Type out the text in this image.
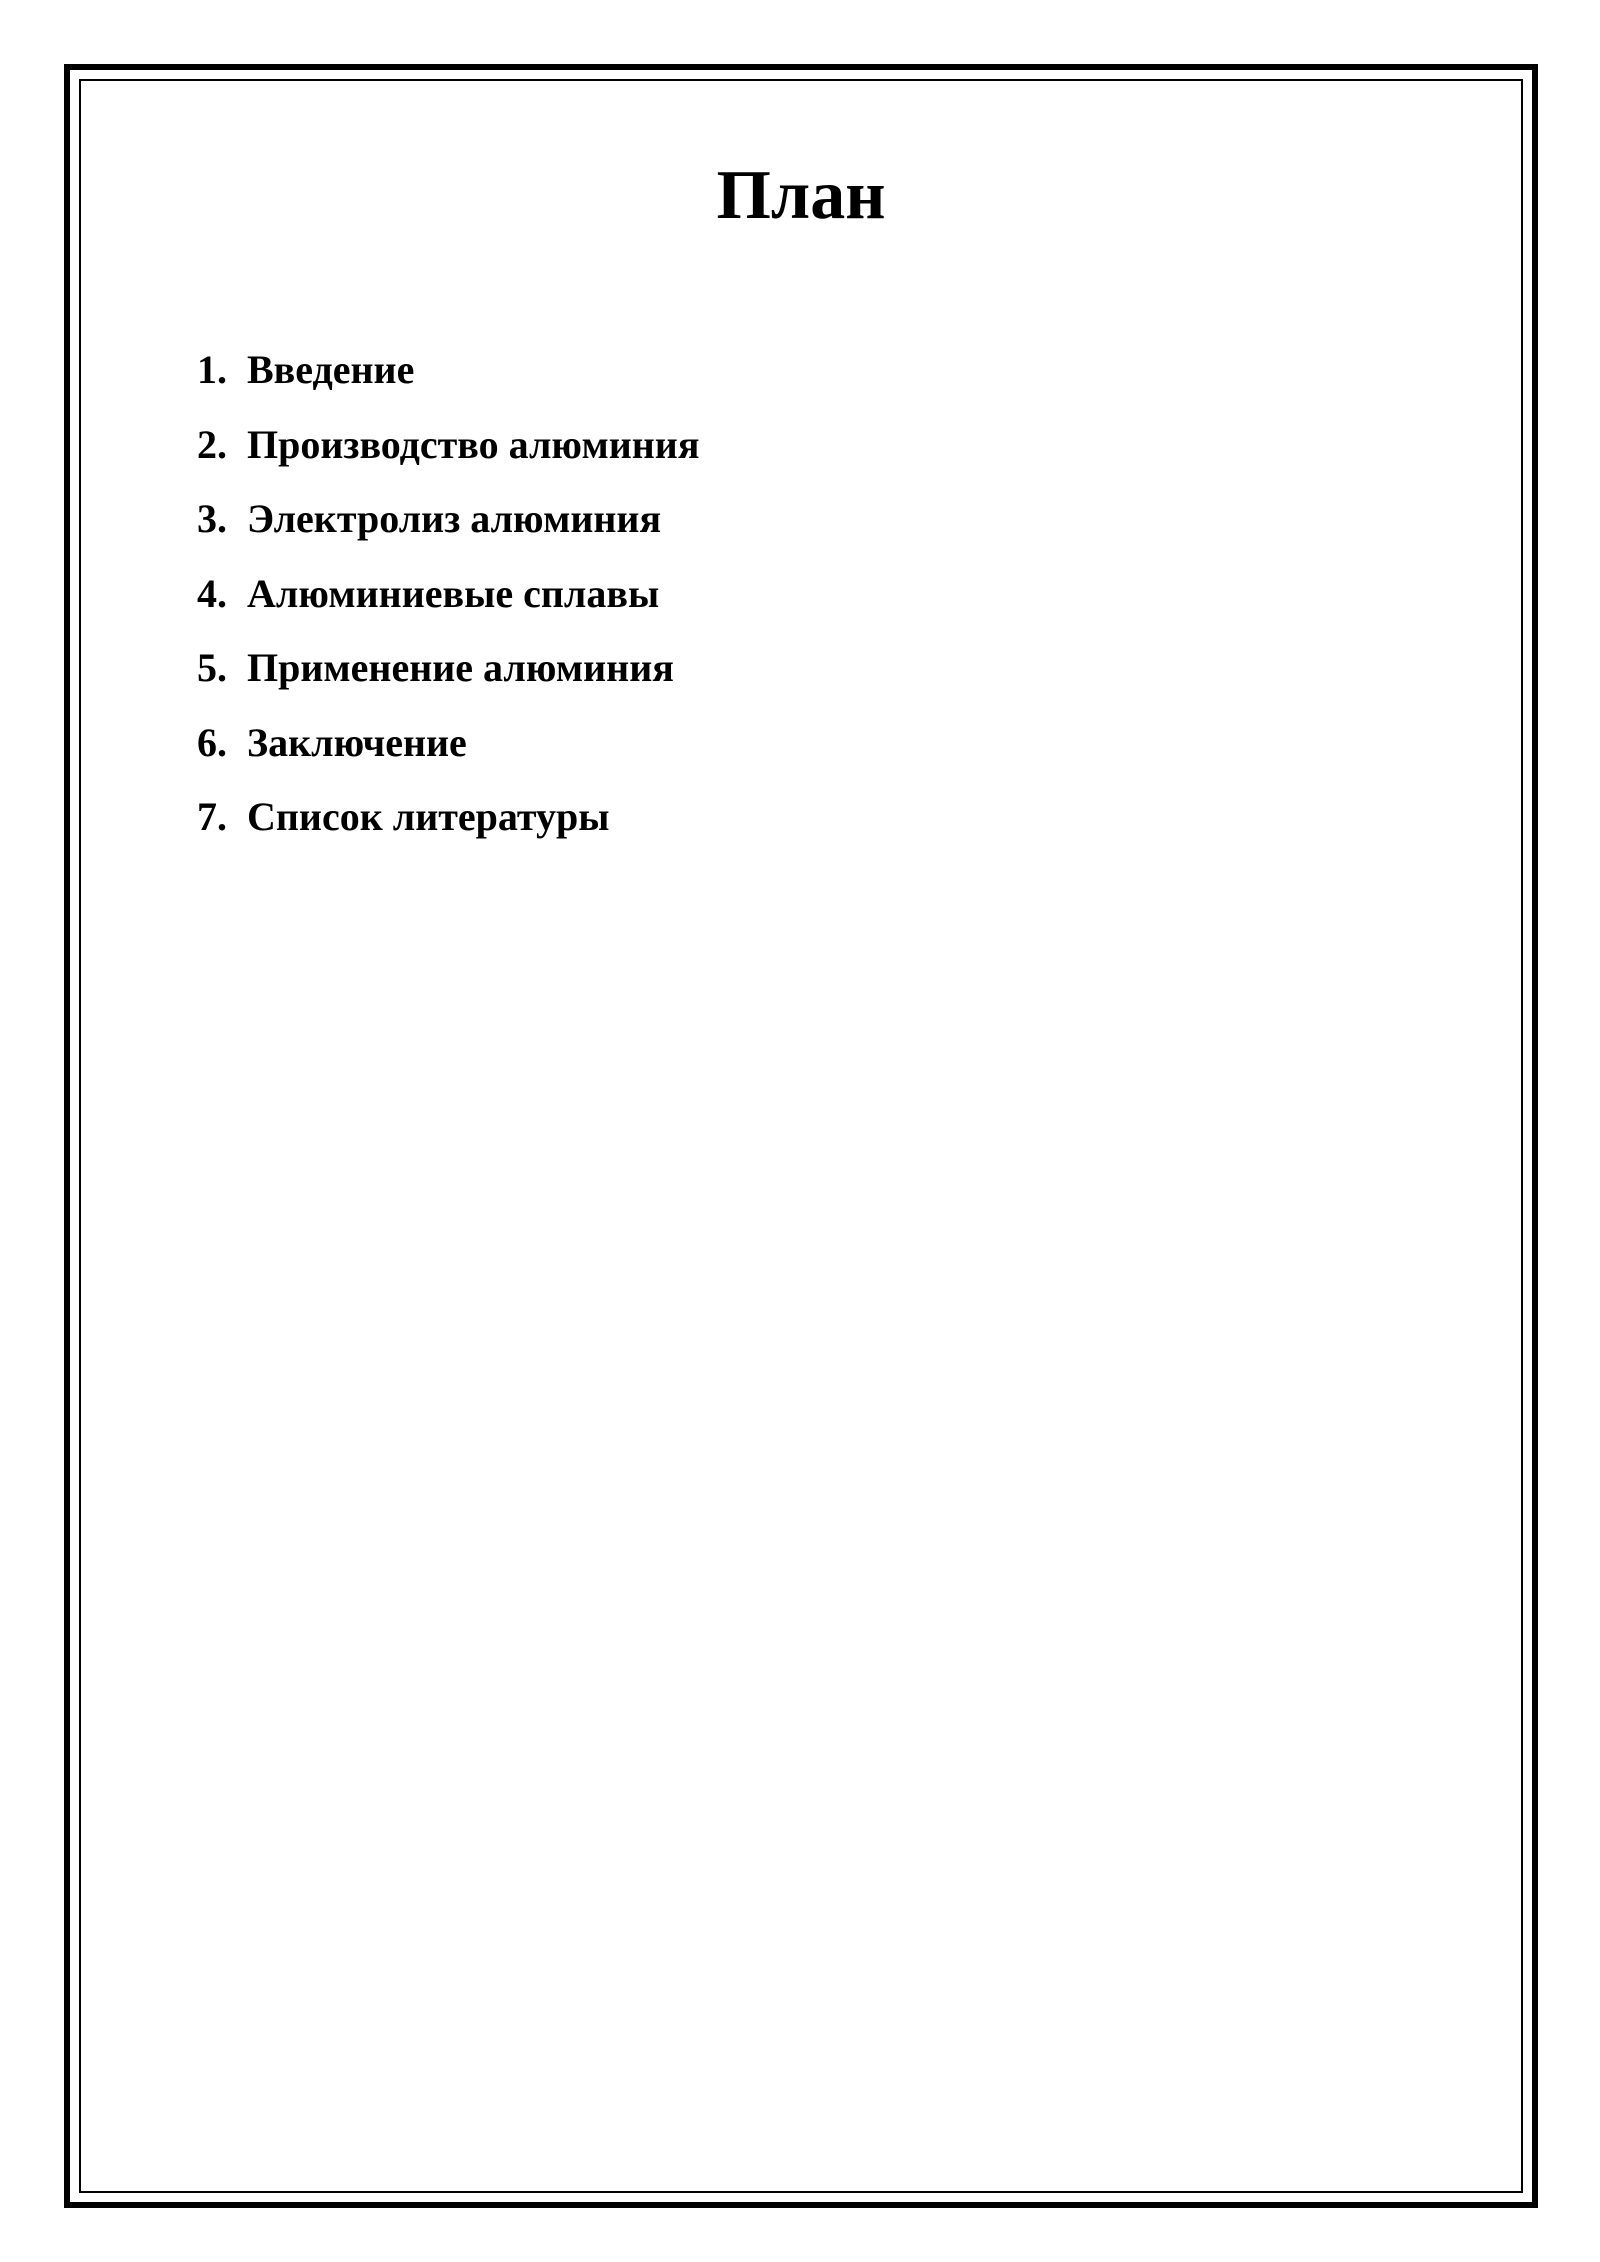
План
1. Введение
2. Производство алюминия
3. Электролиз алюминия
4. Алюминиевые сплавы
5. Применение алюминия
6. Заключение
7. Список литературы
